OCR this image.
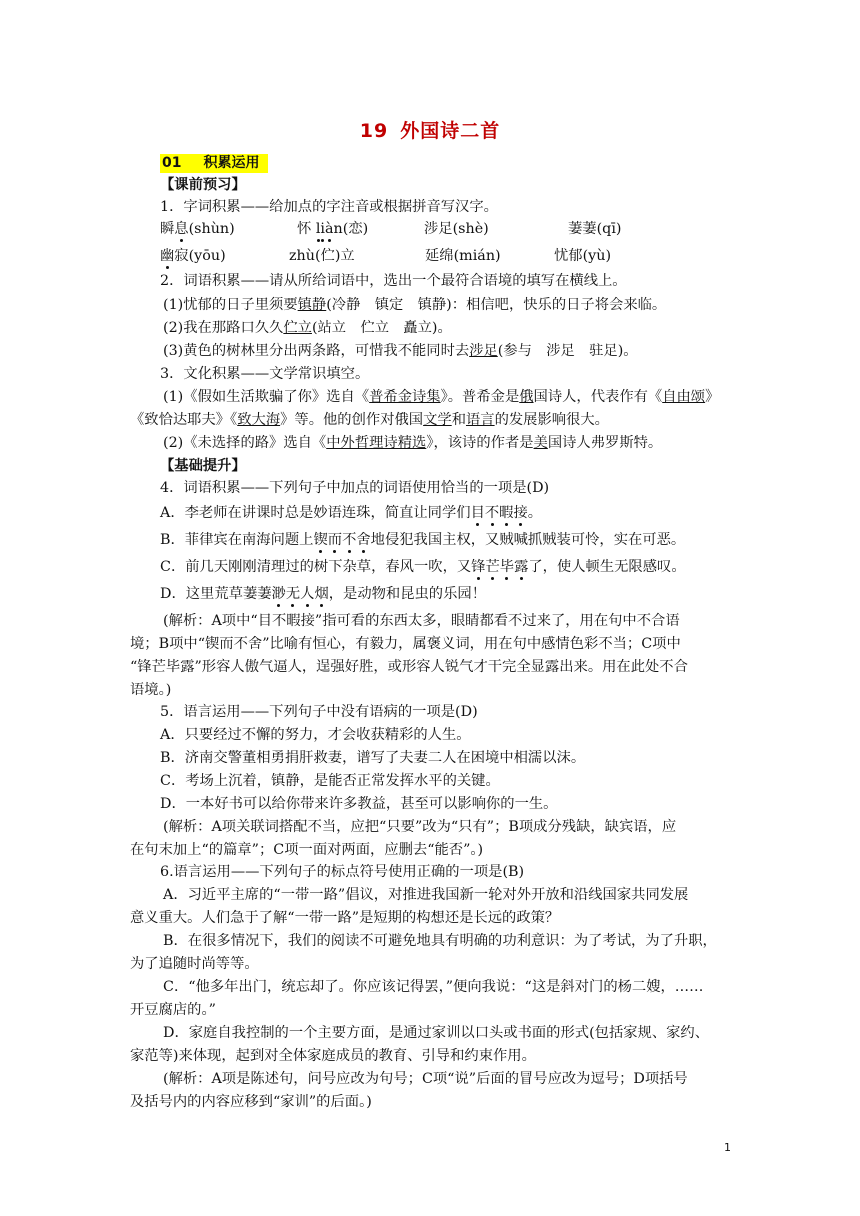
19 外国诗二首
01 积累运用
【课前预习】
1．字词积累——给加点的字注音或根据拼音写汉字。
瞬息(shùn)	怀 liàn(恋)	涉足(shè)	萋萋(qī)
幽寂(yōu)	zhù(伫)立	延绵(mián)	忧郁(yù)
2．词语积累——请从所给词语中，选出一个最符合语境的填写在横线上。
(1)忧郁的日子里须要镇静(冷静　镇定　镇静)：相信吧，快乐的日子将会来临。
(2)我在那路口久久伫立(站立　伫立　矗立)。
(3)黄色的树林里分出两条路，可惜我不能同时去涉足(参与　涉足　驻足)。
3．文化积累——文学常识填空。
(1)《假如生活欺骗了你》选自《普希金诗集》。普希金是俄国诗人，代表作有《自由颂》
《致恰达耶夫》《致大海》等。他的创作对俄国文学和语言的发展影响很大。
(2)《未选择的路》选自《中外哲理诗精选》，该诗的作者是美国诗人弗罗斯特。
【基础提升】
4．词语积累——下列句子中加点的词语使用恰当的一项是(D)
A．李老师在讲课时总是妙语连珠，简直让同学们目不暇接。
B．菲律宾在南海问题上锲而不舍地侵犯我国主权，又贼喊抓贼装可怜，实在可恶。
C．前几天刚刚清理过的树下杂草，春风一吹，又锋芒毕露了，使人顿生无限感叹。
D．这里荒草萋萋渺无人烟，是动物和昆虫的乐园！
(解析：A项中“目不暇接”指可看的东西太多，眼睛都看不过来了，用在句中不合语
境；B项中“锲而不舍”比喻有恒心，有毅力，属褒义词，用在句中感情色彩不当；C项中
“锋芒毕露”形容人傲气逼人，逞强好胜，或形容人锐气才干完全显露出来。用在此处不合
语境。)
5．语言运用——下列句子中没有语病的一项是(D)
A．只要经过不懈的努力，才会收获精彩的人生。
B．济南交警董相勇捐肝救妻，谱写了夫妻二人在困境中相濡以沫。
C．考场上沉着，镇静，是能否正常发挥水平的关键。
D．一本好书可以给你带来许多教益，甚至可以影响你的一生。
(解析：A项关联词搭配不当，应把“只要”改为“只有”；B项成分残缺，缺宾语，应
在句末加上“的篇章”；C项一面对两面，应删去“能否”。)
6.语言运用——下列句子的标点符号使用正确的一项是(B)
A．习近平主席的“一带一路”倡议，对推进我国新一轮对外开放和沿线国家共同发展
意义重大。人们急于了解“一带一路”是短期的构想还是长远的政策？
B．在很多情况下，我们的阅读不可避免地具有明确的功利意识：为了考试，为了升职，
为了追随时尚等等。
C．“他多年出门，统忘却了。你应该记得罢，”便向我说：“这是斜对门的杨二嫂，……
开豆腐店的。”
D．家庭自我控制的一个主要方面，是通过家训以口头或书面的形式(包括家规、家约、
家范等)来体现，起到对全体家庭成员的教育、引导和约束作用。
(解析：A项是陈述句，问号应改为句号；C项“说”后面的冒号应改为逗号；D项括号
及括号内的内容应移到“家训”的后面。)
1
